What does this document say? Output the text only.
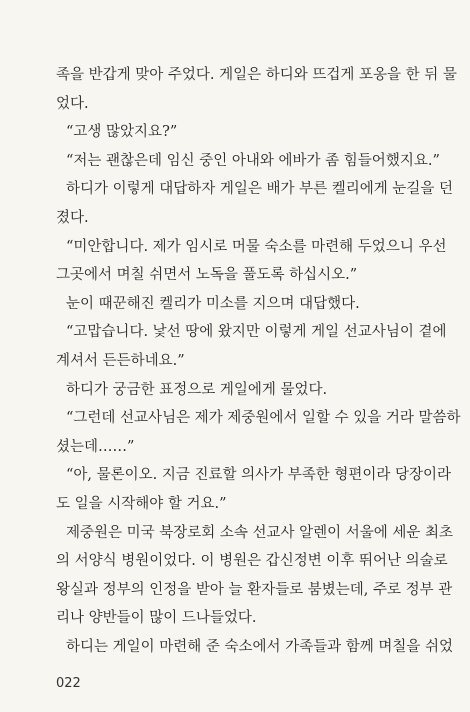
족을 반갑게 맞아 주었다. 게일은 하디와 뜨겁게 포옹을 한 뒤 물
었다.
“고생 많았지요?”
“저는 괜찮은데 임신 중인 아내와 에바가 좀 힘들어했지요.”
하디가 이렇게 대답하자 게일은 배가 부른 켈리에게 눈길을 던
졌다.
“미안합니다. 제가 임시로 머물 숙소를 마련해 두었으니 우선
그곳에서 며칠 쉬면서 노독을 풀도록 하십시오.”
눈이 때꾼해진 켈리가 미소를 지으며 대답했다.
“고맙습니다. 낯선 땅에 왔지만 이렇게 게일 선교사님이 곁에
계셔서 든든하네요.”
하디가 궁금한 표정으로 게일에게 물었다.
“그런데 선교사님은 제가 제중원에서 일할 수 있을 거라 말씀하
셨는데……”
“아, 물론이오. 지금 진료할 의사가 부족한 형편이라 당장이라
도 일을 시작해야 할 거요.”
제중원은 미국 북장로회 소속 선교사 알렌이 서울에 세운 최초
의 서양식 병원이었다. 이 병원은 갑신정변 이후 뛰어난 의술로
왕실과 정부의 인정을 받아 늘 환자들로 붐볐는데, 주로 정부 관
리나 양반들이 많이 드나들었다.
하디는 게일이 마련해 준 숙소에서 가족들과 함께 며칠을 쉬었
022
